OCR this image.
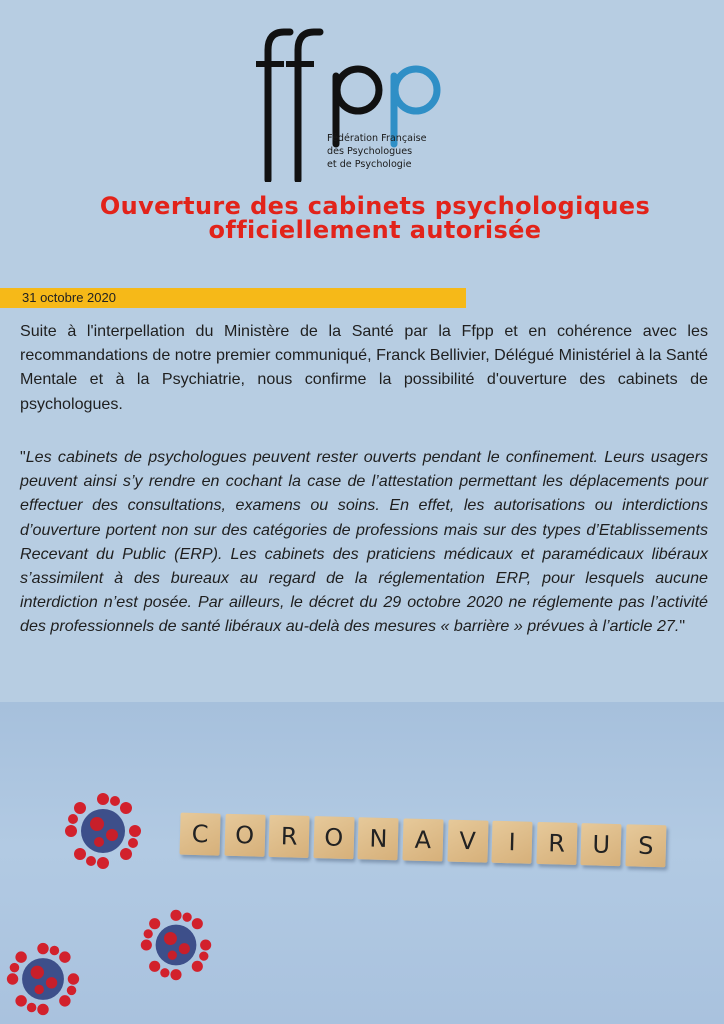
Fédération Française
des Psychologues
et de Psychologie
Ouverture des cabinets psychologiques
officiellement autorisée
31 octobre 2020

Suite à l'interpellation du Ministère de la Santé par la Ffpp et en cohérence avec les recommandations de notre premier communiqué, Franck Bellivier, Délégué Ministériel à la Santé Mentale et à la Psychiatrie, nous confirme la possibilité d'ouverture des cabinets de psychologues.

"Les cabinets de psychologues peuvent rester ouverts pendant le confinement. Leurs usagers peuvent ainsi s’y rendre en cochant la case de l’attestation permettant les déplacements pour effectuer des consultations, examens ou soins. En effet, les autorisations ou interdictions d’ouverture portent non sur des catégories de professions mais sur des types d’Etablissements Recevant du Public (ERP). Les cabinets des praticiens médicaux et paramédicaux libéraux s’assimilent à des bureaux au regard de la réglementation ERP, pour lesquels aucune interdiction n’est posée. Par ailleurs, le décret du 29 octobre 2020 ne réglemente pas l’activité des professionnels de santé libéraux au-delà des mesures « barrière » prévues à l’article 27."

C	O	R	O	N	A	V	I	R	U	S
